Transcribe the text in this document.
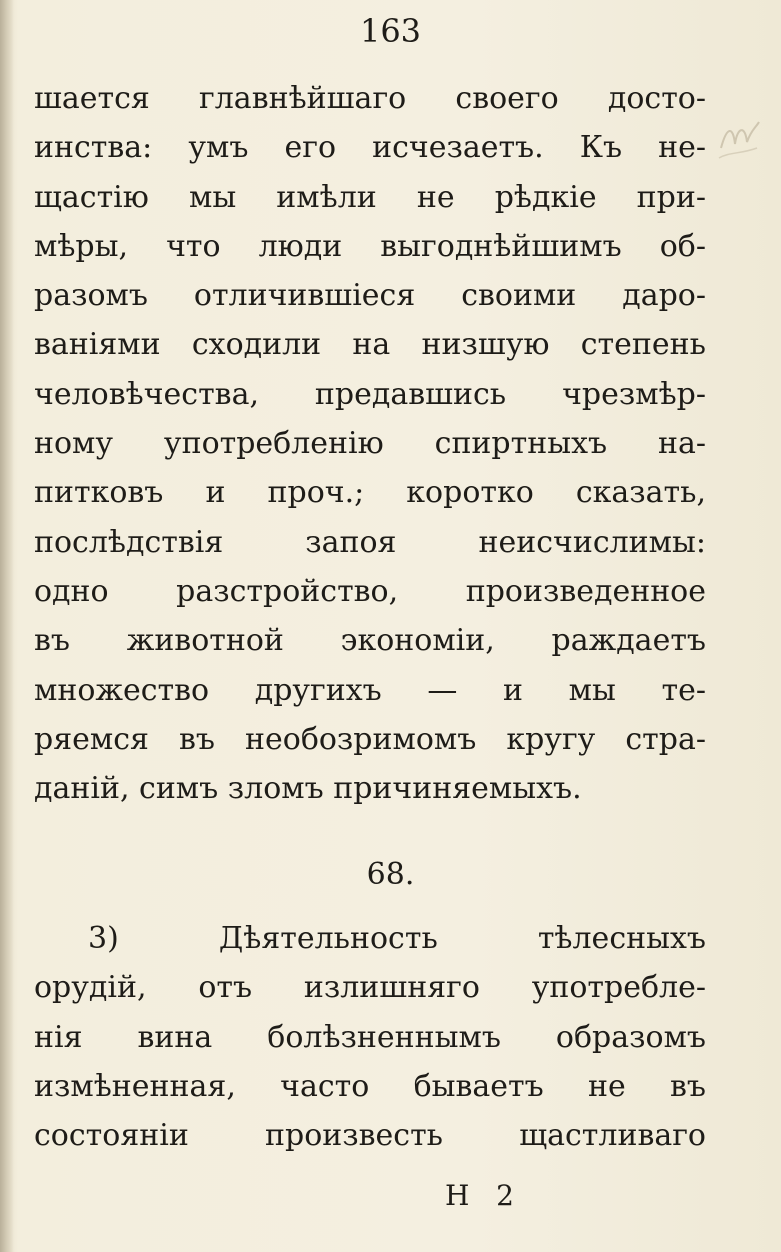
163
шается главнѣйшаго своего досто-
инства: умъ его исчезаетъ. Къ не-
щастію мы имѣли не рѣдкіе при-
мѣры, что люди выгоднѣйшимъ об-
разомъ отличившіеся своими даро-
ваніями сходили на низшую степень
человѣчества, предавшись чрезмѣр-
ному употребленію спиртныхъ на-
питковъ и проч.; коротко сказать,
послѣдствія запоя неисчислимы:
одно разстройство, произведенное
въ животной экономіи, раждаетъ
множество другихъ — и мы те-
ряемся въ необозримомъ кругу стра-
даній, симъ зломъ причиняемыхъ.
68.
3) Дѣятельность тѣлесныхъ
орудій, отъ излишняго употребле-
нія вина болѣзненнымъ образомъ
измѣненная, часто бываетъ не въ
состояніи произвесть щастливаго
Н   2
